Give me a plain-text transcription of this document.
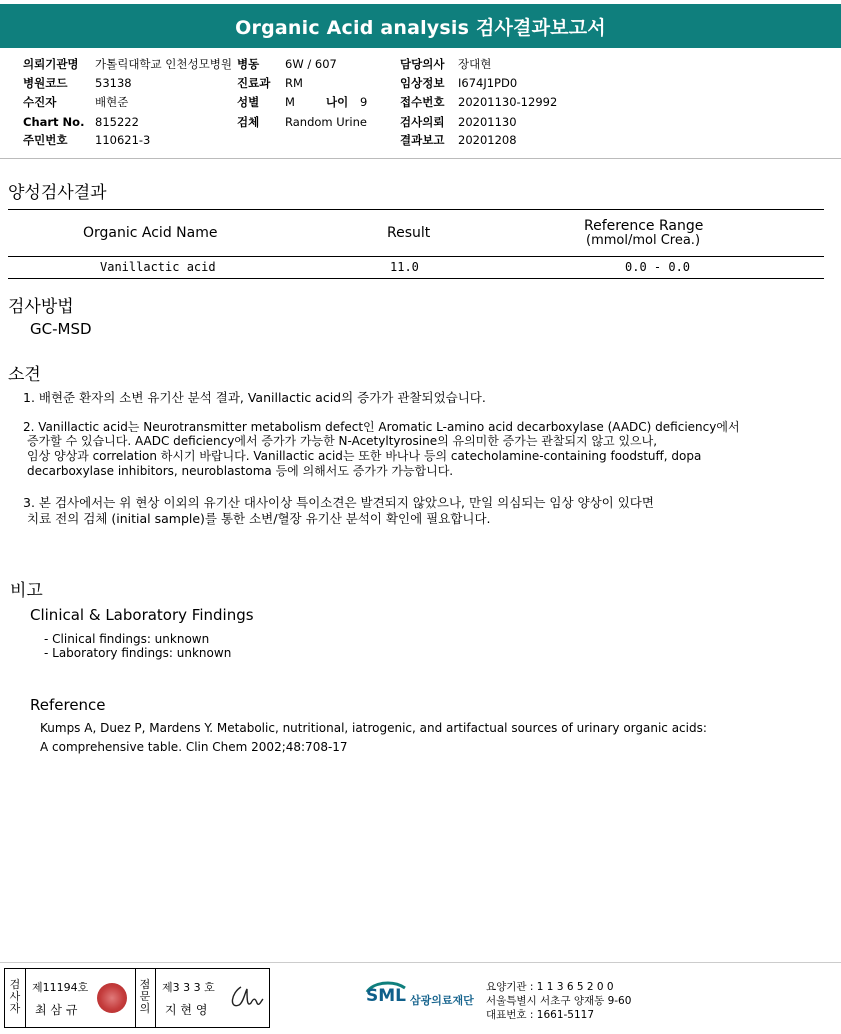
Organic Acid analysis 검사결과보고서
의뢰기관명 가톨릭대학교 인천성모병원
병원코드 53138
수진자	배현준
Chart No. 815222
주민번호 110621-3
병동 6W / 607
진료과 RM
성별 M	나이 9
검체 Random Urine
담당의사 장대현
임상정보 I674J1PD0
접수번호 20201130-12992
검사의뢰 20201130
결과보고 20201208
양성검사결과
Organic Acid Name	Result	Reference Range
(mmol/mol Crea.)
Vanillactic acid	11.0	0.0 - 0.0
검사방법
GC-MSD
소견
1. 배현준 환자의 소변 유기산 분석 결과, Vanillactic acid의 증가가 관찰되었습니다.
2. Vanillactic acid는 Neurotransmitter metabolism defect인 Aromatic L-amino acid decarboxylase (AADC) deficiency에서
증가할 수 있습니다. AADC deficiency에서 증가가 가능한 N-Acetyltyrosine의 유의미한 증가는 관찰되지 않고 있으나,
임상 양상과 correlation 하시기 바랍니다. Vanillactic acid는 또한 바나나 등의 catecholamine-containing foodstuff, dopa
decarboxylase inhibitors, neuroblastoma 등에 의해서도 증가가 가능합니다.
3. 본 검사에서는 위 현상 이외의 유기산 대사이상 특이소견은 발견되지 않았으나, 만일 의심되는 임상 양상이 있다면
치료 전의 검체 (initial sample)를 통한 소변/혈장 유기산 분석이 확인에 필요합니다.
비고
Clinical & Laboratory Findings
- Clinical findings: unknown
- Laboratory findings: unknown
Reference
Kumps A, Duez P, Mardens Y. Metabolic, nutritional, iatrogenic, and artifactual sources of urinary organic acids:
A comprehensive table. Clin Chem 2002;48:708-17
검
사
자
제11194호
최 삼 규
점
문
의
제3 3 3 호
지 현 영
SML 삼광의료재단
요양기관 : 1 1 3 6 5 2 0 0
서울특별시 서초구 양재동 9-60
대표번호 : 1661-5117
